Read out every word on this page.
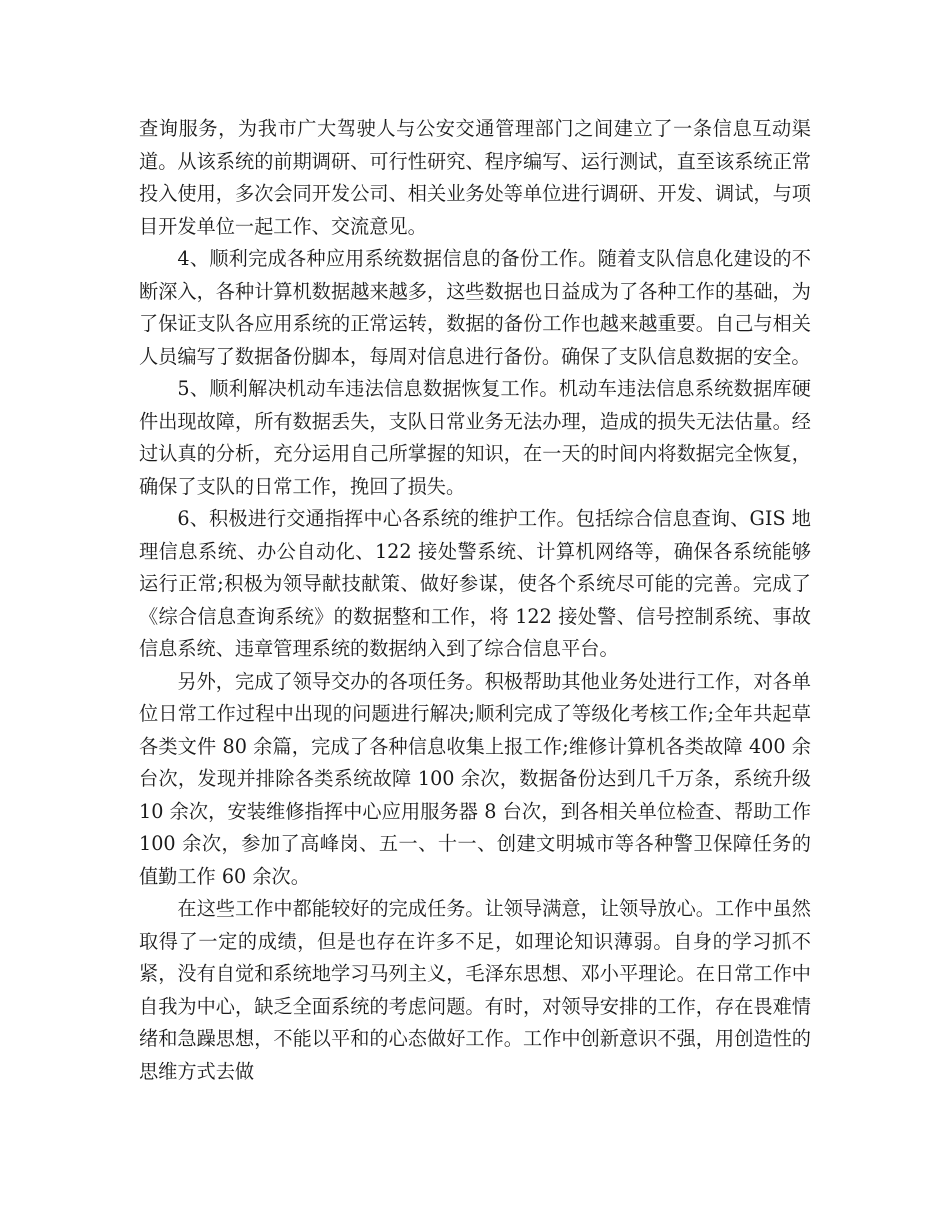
查询服务，为我市广大驾驶人与公安交通管理部门之间建立了一条信息互动渠道。从该系统的前期调研、可行性研究、程序编写、运行测试，直至该系统正常投入使用，多次会同开发公司、相关业务处等单位进行调研、开发、调试，与项目开发单位一起工作、交流意见。

4、顺利完成各种应用系统数据信息的备份工作。随着支队信息化建设的不断深入，各种计算机数据越来越多，这些数据也日益成为了各种工作的基础，为了保证支队各应用系统的正常运转，数据的备份工作也越来越重要。自己与相关人员编写了数据备份脚本，每周对信息进行备份。确保了支队信息数据的安全。

5、顺利解决机动车违法信息数据恢复工作。机动车违法信息系统数据库硬件出现故障，所有数据丢失，支队日常业务无法办理，造成的损失无法估量。经过认真的分析，充分运用自己所掌握的知识，在一天的时间内将数据完全恢复，确保了支队的日常工作，挽回了损失。

6、积极进行交通指挥中心各系统的维护工作。包括综合信息查询、GIS 地理信息系统、办公自动化、122 接处警系统、计算机网络等，确保各系统能够运行正常;积极为领导献技献策、做好参谋，使各个系统尽可能的完善。完成了《综合信息查询系统》的数据整和工作，将 122 接处警、信号控制系统、事故信息系统、违章管理系统的数据纳入到了综合信息平台。

另外，完成了领导交办的各项任务。积极帮助其他业务处进行工作，对各单位日常工作过程中出现的问题进行解决;顺利完成了等级化考核工作;全年共起草各类文件 80 余篇，完成了各种信息收集上报工作;维修计算机各类故障 400 余台次，发现并排除各类系统故障 100 余次，数据备份达到几千万条，系统升级 10 余次，安装维修指挥中心应用服务器 8 台次，到各相关单位检查、帮助工作 100 余次，参加了高峰岗、五一、十一、创建文明城市等各种警卫保障任务的值勤工作 60 余次。

在这些工作中都能较好的完成任务。让领导满意，让领导放心。工作中虽然取得了一定的成绩，但是也存在许多不足，如理论知识薄弱。自身的学习抓不紧，没有自觉和系统地学习马列主义，毛泽东思想、邓小平理论。在日常工作中自我为中心，缺乏全面系统的考虑问题。有时，对领导安排的工作，存在畏难情绪和急躁思想，不能以平和的心态做好工作。工作中创新意识不强，用创造性的思维方式去做
